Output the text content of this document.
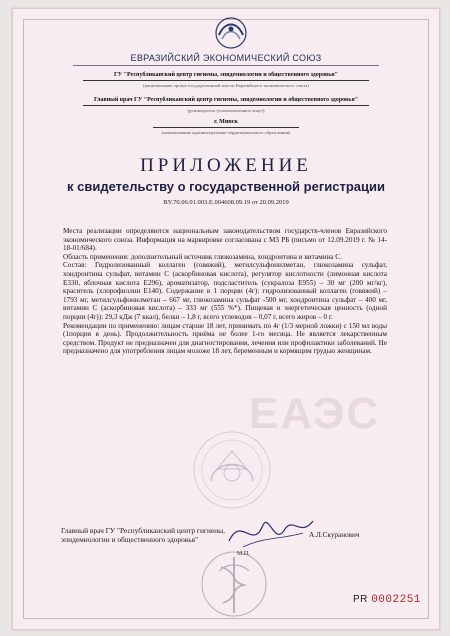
ЕВРАЗИЙСКИЙ ЭКОНОМИЧЕСКИЙ СОЮЗ
ГУ "Республиканский центр гигиены, эпидемиологии и общественного здоровья"
(наименование органа государственной власти Евразийского экономического союза)
Главный врач ГУ "Республиканский центр гигиены, эпидемиологии и общественного здоровья"
(руководитель (уполномоченное лицо))
г. Минск
(наименование административно-территориального образования)
ПРИЛОЖЕНИЕ
к свидетельству о государственной регистрации
BY.70.06.01.003.E.004608.09.19 от 20.09.2019
ЕАЭС

Места реализации определяются национальным законодательством государств-членов Евразийского экономического союза. Информация на маркировке согласована с МЗ РБ (письмо от 12.09.2019 г. № 14-18-01/684).

Область применения: дополнительный источник глюкозамина, хондроитина и витамина С.

Состав: Гидролизованный коллаген (говяжий), метилсульфонилметан, глюкозамина сульфат, хондроитина сульфат, витамин С (аскорбиновая кислота), регулятор кислотности (лимонная кислота Е330, яблочная кислота Е296), ароматизатор, подсластитель (сукралоза Е955) – 30 мг (200 мг/кг), краситель (хлорофиллин Е140). Содержание в 1 порции (4г): гидролизованный коллаген (говяжий) – 1793 мг, метилсульфонилметан – 667 мг, глюкозамина сульфат -500 мг, хондроитина сульфат – 400 мг, витамин С (аскорбиновая кислота) – 333 мг (555 %*). Пищевая и энергетическая ценность (одной порции (4г)): 29,3 кДж (7 ккал), белки – 1,8 г, всего углеводов – 0,07 г, всего жиров – 0 г.

Рекомендации по применению: лицам старше 18 лет, принимать по 4г (1/3 мерной ложки) с 150 мл воды (1порция в день). Продолжительность приёма не более 1-го месяца. Не является лекарственным средством. Продукт не предназначен для диагностирования, лечения или профилактики заболеваний. Не предназначено для употребления лицам моложе 18 лет, беременным и кормящим грудью женщинам.

Главный врач ГУ "Республиканский центр гигиены, эпидемиологии и общественного здоровья"	А.Л.Скуранович
М.П.
PR 0002251
